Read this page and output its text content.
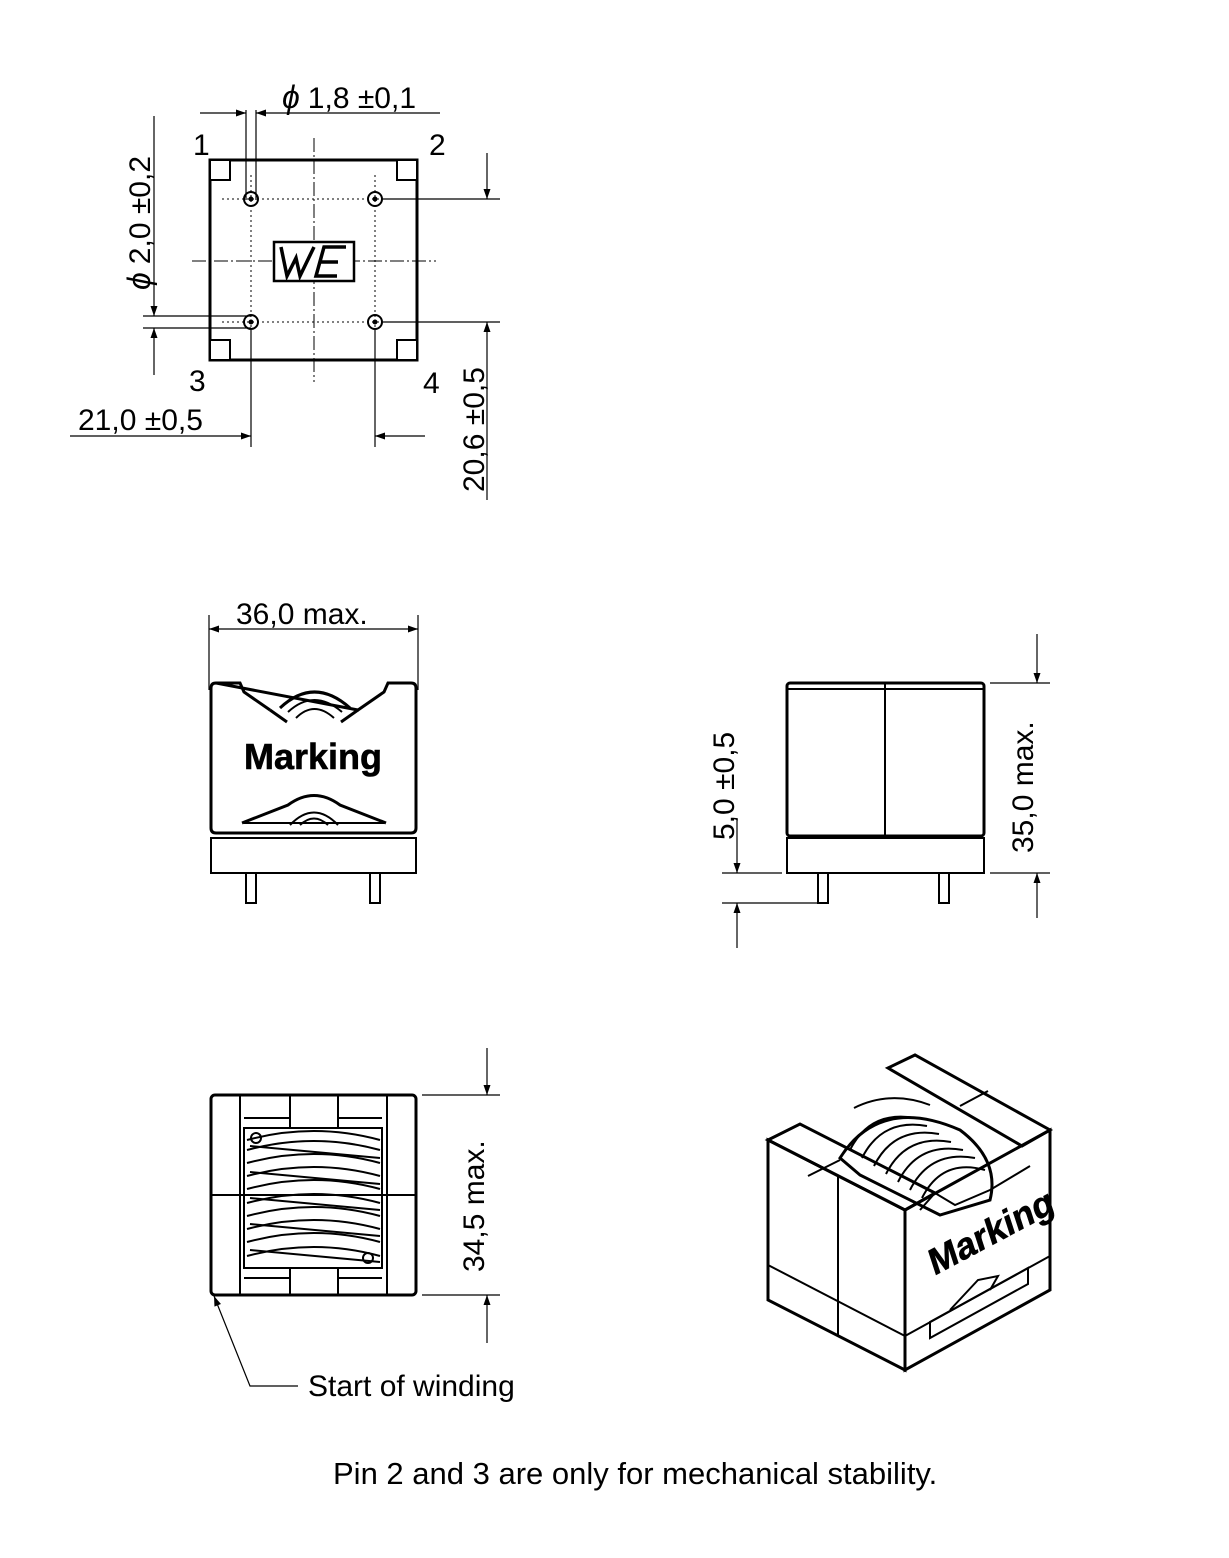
1	2
3	4
ϕ 1,8 ±0,1
ϕ2,0 ±0,2
21,0 ±0,5	20,6 ±0,5
36,0 max.
Marking	5,0 ±0,5	35,0 max.
34,5 max.
Start of winding
Marking
Pin 2 and 3 are only for mechanical stability.
